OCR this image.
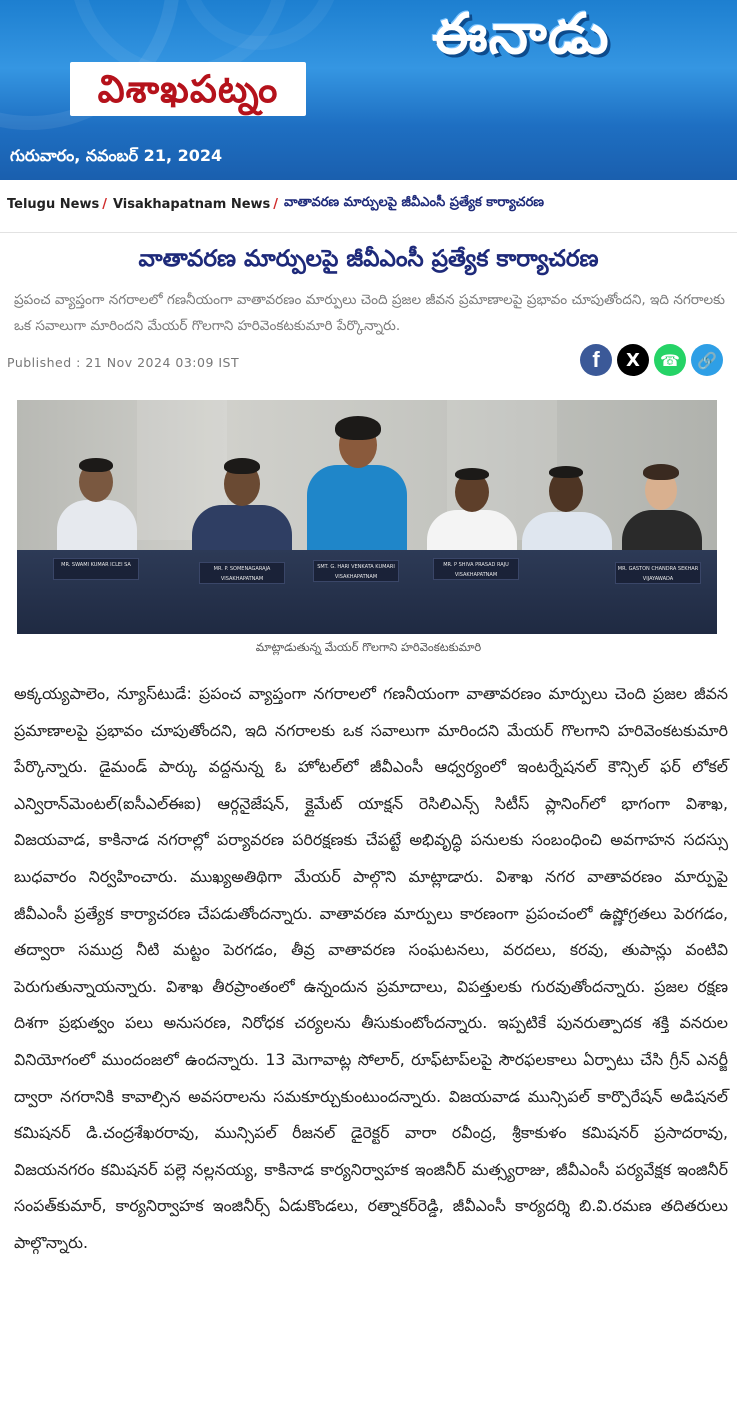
ఈనాడు
విశాఖపట్నం
గురువారం, నవంబర్ 21, 2024
Telugu News / Visakhapatnam News / వాతావరణ మార్పులపై జీవీఎంసీ ప్రత్యేక కార్యాచరణ
వాతావరణ మార్పులపై జీవీఎంసీ ప్రత్యేక కార్యాచరణ

ప్రపంచ వ్యాప్తంగా నగరాలలో గణనీయంగా వాతావరణం మార్పులు చెంది ప్రజల జీవన ప్రమాణాలపై ప్రభావం చూపుతోందని, ఇది నగరాలకు ఒక సవాలుగా మారిందని మేయర్ గొలగాని హరివెంకటకుమారి పేర్కొన్నారు.

Published : 21 Nov 2024 03:09 IST	f	X	☎	🔗
MR. SWAMI KUMAR ICLEI SA
MR. P. SOMENAGARAJA VISAKHAPATNAM
SMT. G. HARI VENKATA KUMARI VISAKHAPATNAM
MR. P SHIVA PRASAD RAJU VISAKHAPATNAM
MR. GASTON CHANDRA SEKHAR VIJAYAWADA
మాట్లాడుతున్న మేయర్ గొలగాని హరివెంకటకుమారి

అక్కయ్యపాలెం, న్యూస్‌టుడే: ప్రపంచ వ్యాప్తంగా నగరాలలో గణనీయంగా వాతావరణం మార్పులు చెంది ప్రజల జీవన ప్రమాణాలపై ప్రభావం చూపుతోందని, ఇది నగరాలకు ఒక సవాలుగా మారిందని మేయర్ గొలగాని హరివెంకటకుమారి పేర్కొన్నారు. డైమండ్ పార్కు వద్దనున్న ఓ హోటల్‌లో జీవీఎంసీ ఆధ్వర్యంలో ఇంటర్నేషనల్ కౌన్సిల్ ఫర్ లోకల్ ఎన్విరాన్‌మెంటల్(ఐసీఎల్‌ఈఐ) ఆర్గనైజేషన్, క్లైమేట్ యాక్షన్ రెసిలిఎన్స్ సిటీస్ ప్లానింగ్‌లో భాగంగా విశాఖ, విజయవాడ, కాకినాడ నగరాల్లో పర్యావరణ పరిరక్షణకు చేపట్టే అభివృద్ధి పనులకు సంబంధించి అవగాహన సదస్సు బుధవారం నిర్వహించారు. ముఖ్యఅతిథిగా మేయర్ పాల్గొని మాట్లాడారు. విశాఖ నగర వాతావరణం మార్పుపై జీవీఎంసీ ప్రత్యేక కార్యాచరణ చేపడుతోందన్నారు. వాతావరణ మార్పులు కారణంగా ప్రపంచంలో ఉష్ణోగ్రతలు పెరగడం, తద్వారా సముద్ర నీటి మట్టం పెరగడం, తీవ్ర వాతావరణ సంఘటనలు, వరదలు, కరవు, తుపాన్లు వంటివి పెరుగుతున్నాయన్నారు. విశాఖ తీరప్రాంతంలో ఉన్నందున ప్రమాదాలు, విపత్తులకు గురవుతోందన్నారు. ప్రజల రక్షణ దిశగా ప్రభుత్వం పలు అనుసరణ, నిరోధక చర్యలను తీసుకుంటోందన్నారు. ఇప్పటికే పునరుత్పాదక శక్తి వనరుల వినియోగంలో ముందంజలో ఉందన్నారు. 13 మెగావాట్ల సోలార్, రూఫ్‌టాప్‌లపై సౌరఫలకాలు ఏర్పాటు చేసి గ్రీన్ ఎనర్జీ ద్వారా నగరానికి కావాల్సిన అవసరాలను సమకూర్చుకుంటుందన్నారు. విజయవాడ మున్సిపల్ కార్పొరేషన్ అడిషనల్ కమిషనర్ డి.చంద్రశేఖరరావు, మున్సిపల్ రీజనల్ డైరెక్టర్ వారా రవీంద్ర, శ్రీకాకుళం కమిషనర్ ప్రసాదరావు, విజయనగరం కమిషనర్ పల్లె నల్లనయ్య, కాకినాడ కార్యనిర్వాహక ఇంజినీర్ మత్స్యరాజు, జీవీఎంసీ పర్యవేక్షక ఇంజినీర్ సంపత్‌కుమార్, కార్యనిర్వాహక ఇంజినీర్స్ ఏడుకొండలు, రత్నాకర్‌రెడ్డి, జీవీఎంసీ కార్యదర్శి బి.వి.రమణ తదితరులు పాల్గొన్నారు.
